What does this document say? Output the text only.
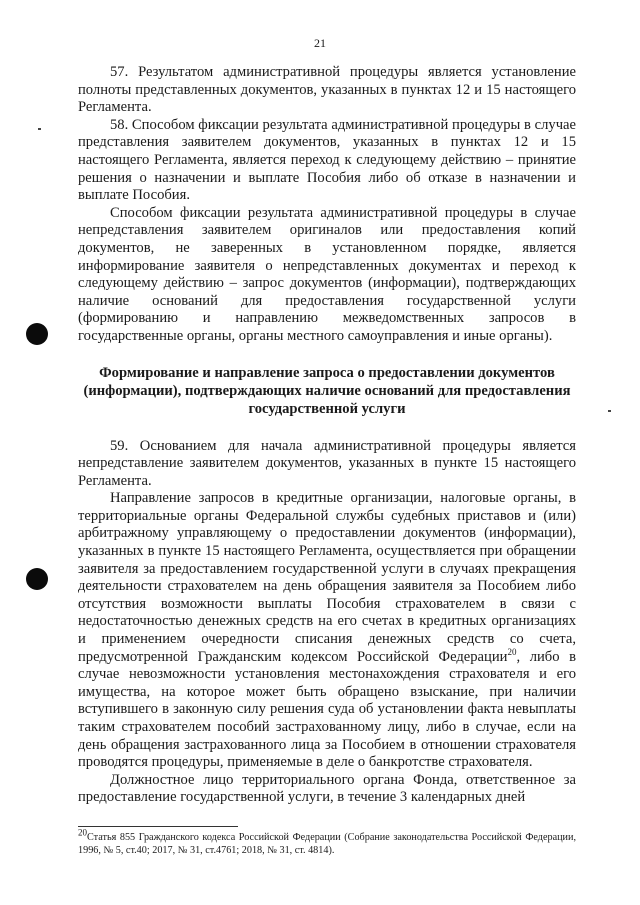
21

57. Результатом административной процедуры является установление полноты представленных документов, указанных в пунктах 12 и 15 настоящего Регламента.

58. Способом фиксации результата административной процедуры в случае представления заявителем документов, указанных в пунктах 12 и 15 настоящего Регламента, является переход к следующему действию – принятие решения о назначении и выплате Пособия либо об отказе в назначении и выплате Пособия.

Способом фиксации результата административной процедуры в случае непредставления заявителем оригиналов или предоставления копий документов, не заверенных в установленном порядке, является информирование заявителя о непредставленных документах и переход к следующему действию – запрос документов (информации), подтверждающих наличие оснований для предоставления государственной услуги (формированию и направлению межведомственных запросов в государственные органы, органы местного самоуправления и иные органы).

Формирование и направление запроса о предоставлении документов (информации), подтверждающих наличие оснований для предоставления государственной услуги

59. Основанием для начала административной процедуры является непредставление заявителем документов, указанных в пункте 15 настоящего Регламента.

Направление запросов в кредитные организации, налоговые органы, в территориальные органы Федеральной службы судебных приставов и (или) арбитражному управляющему о предоставлении документов (информации), указанных в пункте 15 настоящего Регламента, осуществляется при обращении заявителя за предоставлением государственной услуги в случаях прекращения деятельности страхователем на день обращения заявителя за Пособием либо отсутствия возможности выплаты Пособия страхователем в связи с недостаточностью денежных средств на его счетах в кредитных организациях и применением очередности списания денежных средств со счета, предусмотренной Гражданским кодексом Российской Федерации$^{20}$, либо в случае невозможности установления местонахождения страхователя и его имущества, на которое может быть обращено взыскание, при наличии вступившего в законную силу решения суда об установлении факта невыплаты таким страхователем пособий застрахованному лицу, либо в случае, если на день обращения застрахованного лица за Пособием в отношении страхователя проводятся процедуры, применяемые в деле о банкротстве страхователя.

Должностное лицо территориального органа Фонда, ответственное за предоставление государственной услуги, в течение 3 календарных дней

$^{20}$Статья 855 Гражданского кодекса Российской Федерации (Собрание законодательства Российской Федерации, 1996, № 5, ст.40; 2017, № 31, ст.4761; 2018, № 31, ст. 4814).
